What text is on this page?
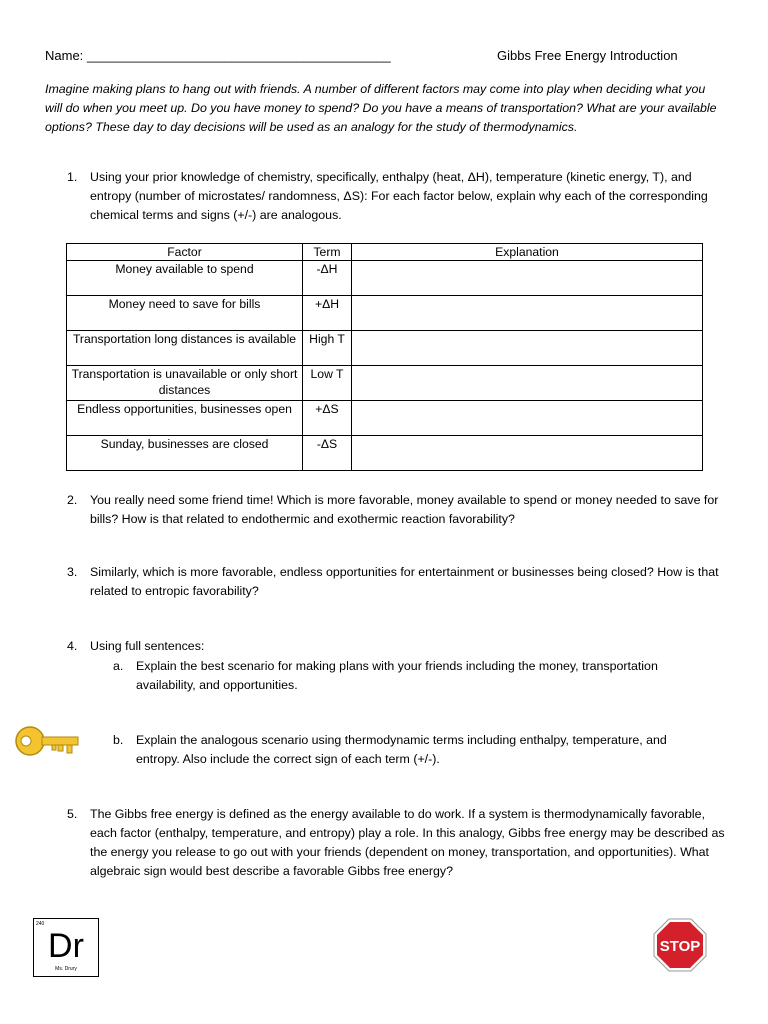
Name: __________________________________________	Gibbs Free Energy Introduction
Imagine making plans to hang out with friends. A number of different factors may come into play when deciding what you will do when you meet up. Do you have money to spend? Do you have a means of transportation? What are your available options? These day to day decisions will be used as an analogy for the study of thermodynamics.
1. Using your prior knowledge of chemistry, specifically, enthalpy (heat, ΔH), temperature (kinetic energy, T), and entropy (number of microstates/ randomness, ΔS): For each factor below, explain why each of the corresponding chemical terms and signs (+/-) are analogous.
Factor	Term	Explanation
Money available to spend	-ΔH	
Money need to save for bills	+ΔH	
Transportation long distances is available	High T	
Transportation is unavailable or only short distances	Low T	
Endless opportunities, businesses open	+ΔS	
Sunday, businesses are closed	-ΔS	
2. You really need some friend time! Which is more favorable, money available to spend or money needed to save for bills? How is that related to endothermic and exothermic reaction favorability?
3. Similarly, which is more favorable, endless opportunities for entertainment or businesses being closed? How is that related to entropic favorability?
4. Using full sentences:
a. Explain the best scenario for making plans with your friends including the money, transportation availability, and opportunities.
b. Explain the analogous scenario using thermodynamic terms including enthalpy, temperature, and entropy. Also include the correct sign of each term (+/-).
5. The Gibbs free energy is defined as the energy available to do work. If a system is thermodynamically favorable, each factor (enthalpy, temperature, and entropy) play a role. In this analogy, Gibbs free energy may be described as the energy you release to go out with your friends (dependent on money, transportation, and opportunities). What algebraic sign would best describe a favorable Gibbs free energy?
240
Dr
Ms. Drury
STOP
